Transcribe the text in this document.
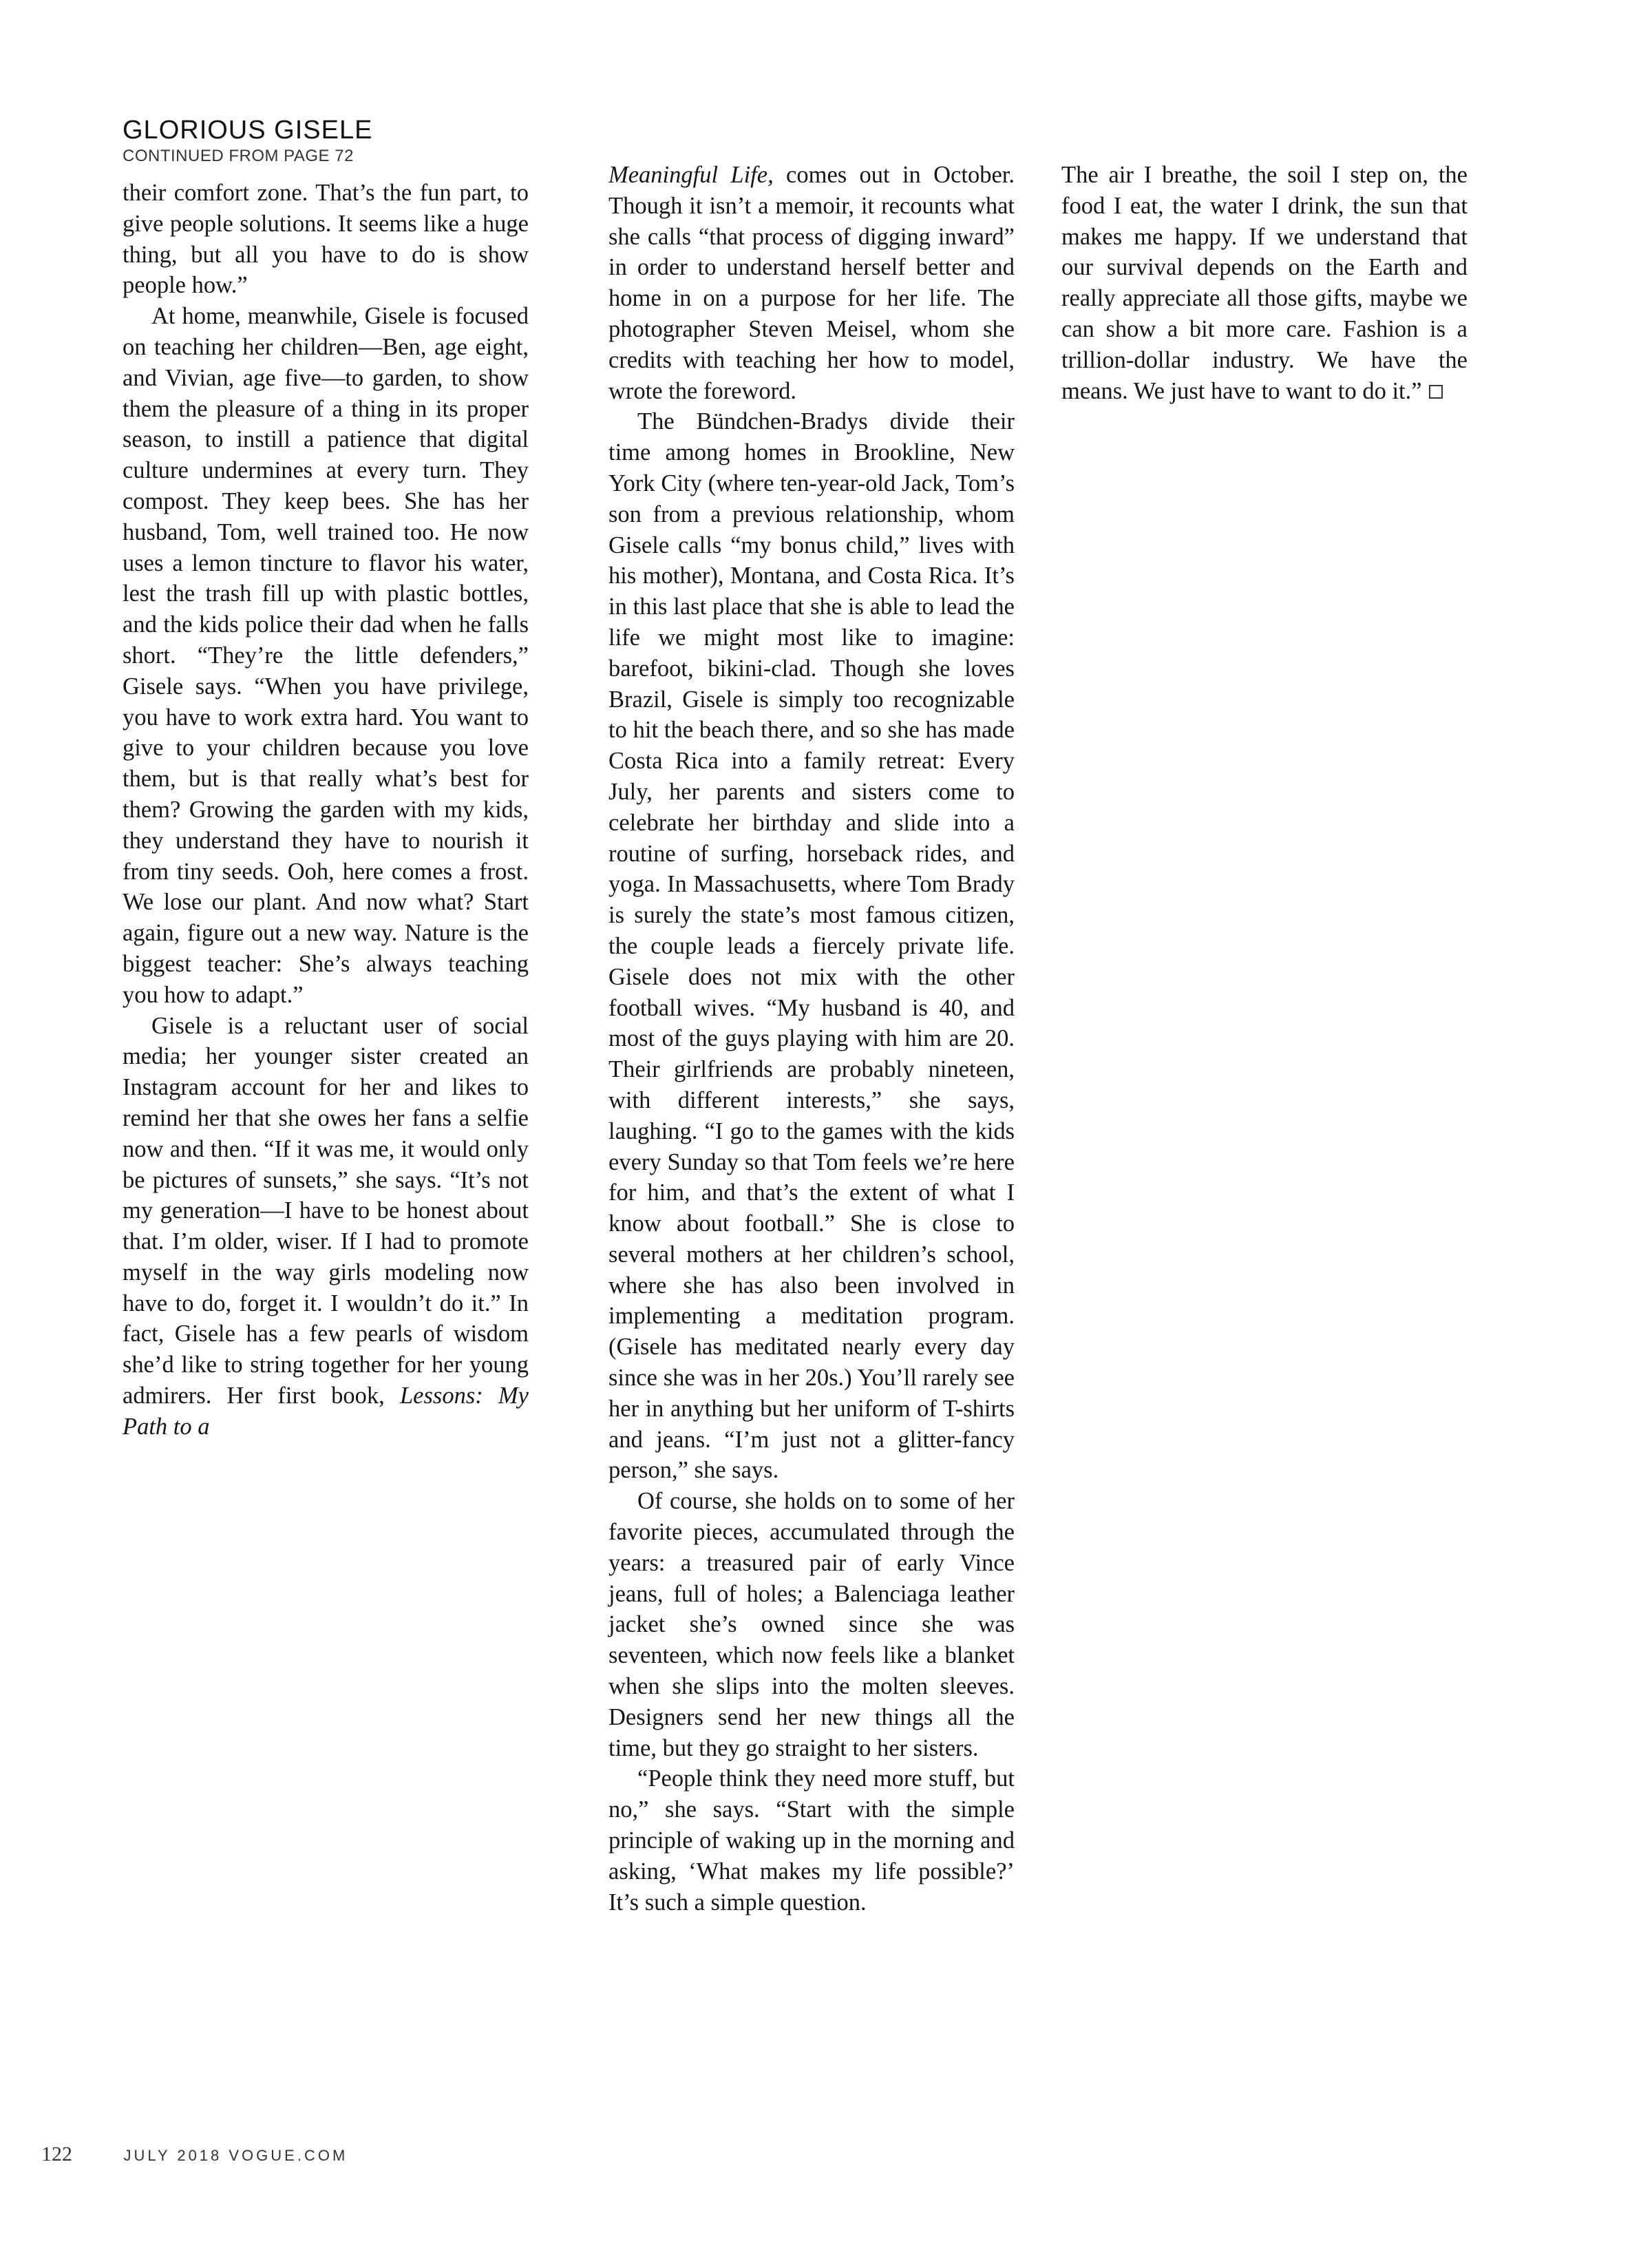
GLORIOUS GISELE

CONTINUED FROM PAGE 72

their comfort zone. That’s the fun part, to give people solutions. It seems like a huge thing, but all you have to do is show people how.”

At home, meanwhile, Gisele is focused on teaching her children—Ben, age eight, and Vivian, age five—to garden, to show them the pleasure of a thing in its proper season, to instill a patience that digital culture undermines at every turn. They compost. They keep bees. She has her husband, Tom, well trained too. He now uses a lemon tincture to flavor his water, lest the trash fill up with plastic bottles, and the kids police their dad when he falls short. “They’re the little defenders,” Gisele says. “When you have privilege, you have to work extra hard. You want to give to your children because you love them, but is that really what’s best for them? Growing the garden with my kids, they understand they have to nourish it from tiny seeds. Ooh, here comes a frost. We lose our plant. And now what? Start again, figure out a new way. Nature is the biggest teacher: She’s always teaching you how to adapt.”

Gisele is a reluctant user of social media; her younger sister created an Instagram account for her and likes to remind her that she owes her fans a selfie now and then. “If it was me, it would only be pictures of sunsets,” she says. “It’s not my generation—I have to be honest about that. I’m older, wiser. If I had to promote myself in the way girls modeling now have to do, forget it. I wouldn’t do it.” In fact, Gisele has a few pearls of wisdom she’d like to string together for her young admirers. Her first book, Lessons: My Path to a

Meaningful Life, comes out in October. Though it isn’t a memoir, it recounts what she calls “that process of digging inward” in order to understand herself better and home in on a purpose for her life. The photographer Steven Meisel, whom she credits with teaching her how to model, wrote the foreword.

The Bündchen-Bradys divide their time among homes in Brookline, New York City (where ten-year-old Jack, Tom’s son from a previous relationship, whom Gisele calls “my bonus child,” lives with his mother), Montana, and Costa Rica. It’s in this last place that she is able to lead the life we might most like to imagine: barefoot, bikini-clad. Though she loves Brazil, Gisele is simply too recognizable to hit the beach there, and so she has made Costa Rica into a family retreat: Every July, her parents and sisters come to celebrate her birthday and slide into a routine of surfing, horseback rides, and yoga. In Massachusetts, where Tom Brady is surely the state’s most famous citizen, the couple leads a fiercely private life. Gisele does not mix with the other football wives. “My husband is 40, and most of the guys playing with him are 20. Their girlfriends are probably nineteen, with different interests,” she says, laughing. “I go to the games with the kids every Sunday so that Tom feels we’re here for him, and that’s the extent of what I know about football.” She is close to several mothers at her children’s school, where she has also been involved in implementing a meditation program. (Gisele has meditated nearly every day since she was in her 20s.) You’ll rarely see her in anything but her uniform of T-shirts and jeans. “I’m just not a glitter-fancy person,” she says.

Of course, she holds on to some of her favorite pieces, accumulated through the years: a treasured pair of early Vince jeans, full of holes; a Balenciaga leather jacket she’s owned since she was seventeen, which now feels like a blanket when she slips into the molten sleeves. Designers send her new things all the time, but they go straight to her sisters.

“People think they need more stuff, but no,” she says. “Start with the simple principle of waking up in the morning and asking, ‘What makes my life possible?’ It’s such a simple question.

The air I breathe, the soil I step on, the food I eat, the water I drink, the sun that makes me happy. If we understand that our survival depends on the Earth and really appreciate all those gifts, maybe we can show a bit more care. Fashion is a trillion-dollar industry. We have the means. We just have to want to do it.”

122	JULY 2018 VOGUE.COM
